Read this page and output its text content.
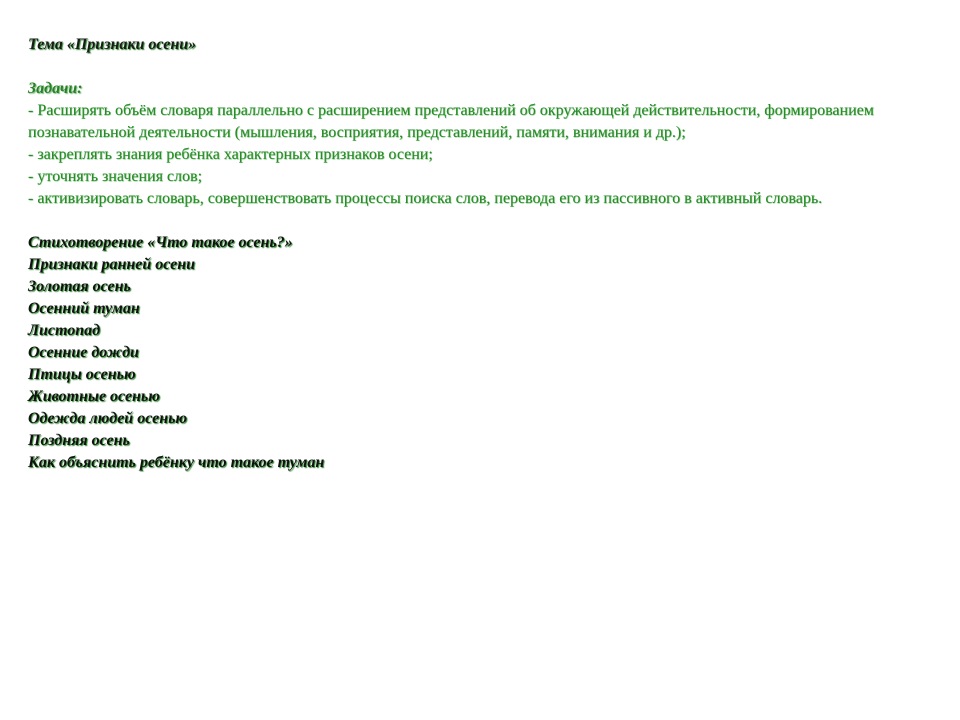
Тема «Признаки осени»

Задачи:

- Расширять объём словаря параллельно с расширением представлений об окружающей действительности, формированием познавательной деятельности (мышления, восприятия, представлений, памяти, внимания и др.);

- закреплять знания ребёнка характерных признаков осени;

- уточнять значения слов;

- активизировать словарь, совершенствовать процессы поиска слов, перевода его из пассивного в активный словарь.

Стихотворение «Что такое осень?»

Признаки ранней осени

Золотая осень

Осенний туман

Листопад

Осенние дожди

Птицы осенью

Животные осенью

Одежда людей осенью

Поздняя осень

Как объяснить ребёнку что такое туман
